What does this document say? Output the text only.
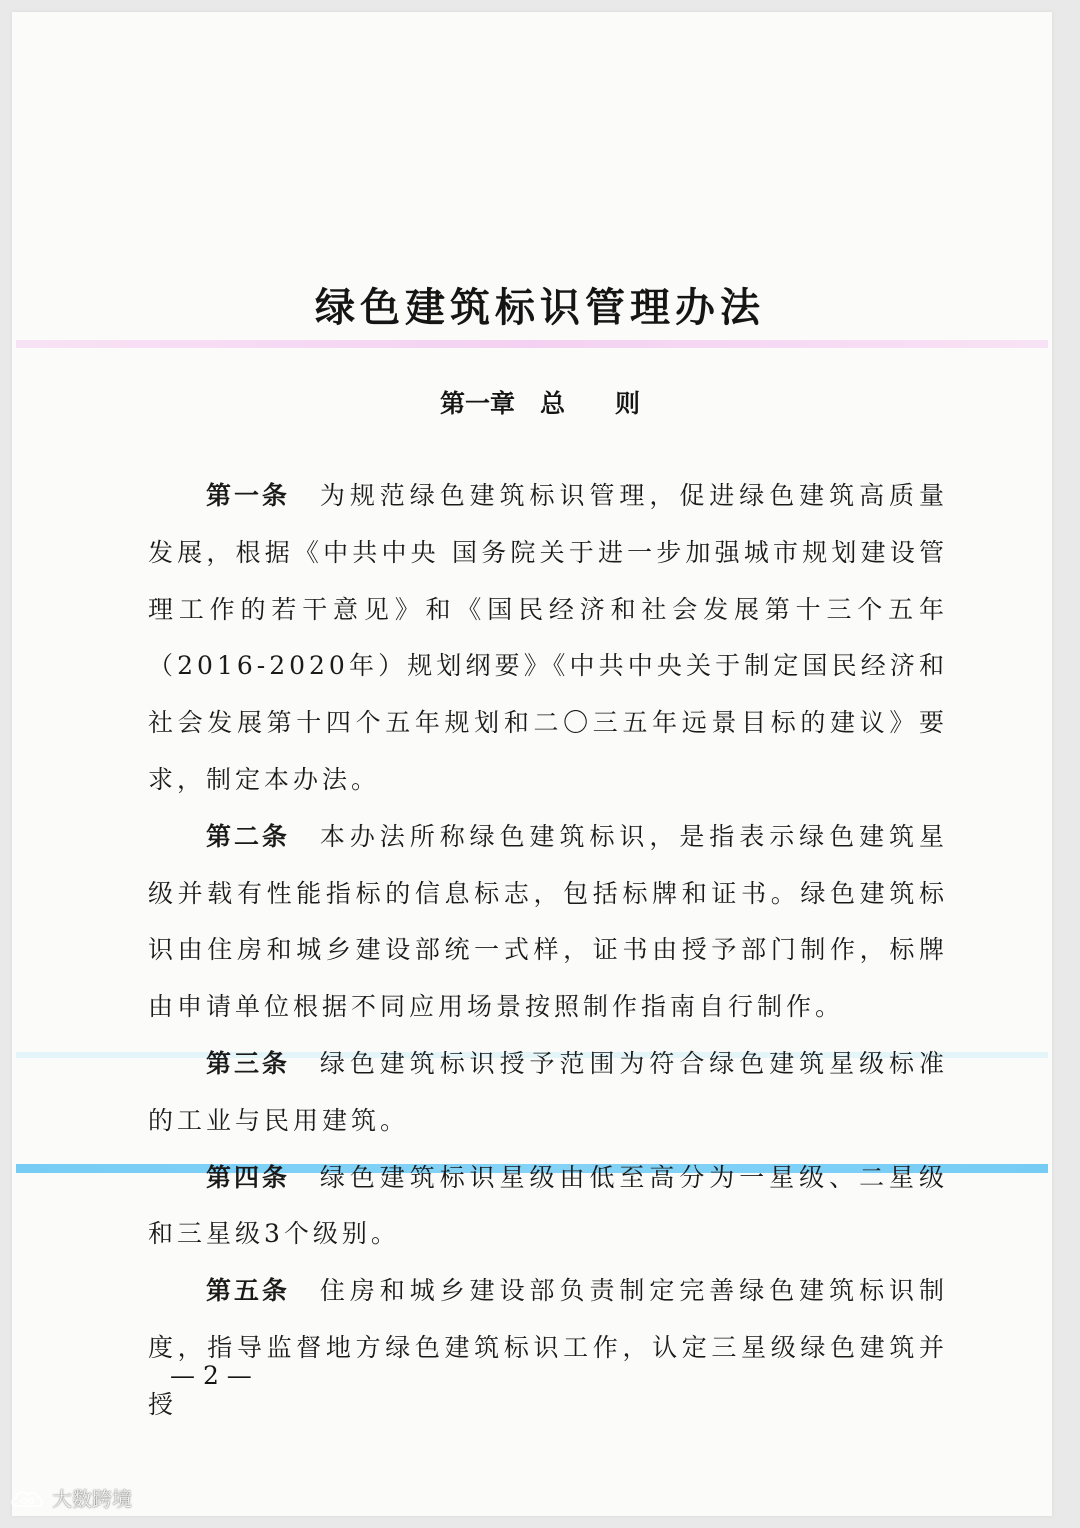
绿色建筑标识管理办法
第一章　总　　则

第一条 为规范绿色建筑标识管理，促进绿色建筑高质量发展，根据《中共中央 国务院关于进一步加强城市规划建设管理工作的若干意见》和《国民经济和社会发展第十三个五年（2016-2020年）规划纲要》《中共中央关于制定国民经济和社会发展第十四个五年规划和二〇三五年远景目标的建议》要求，制定本办法。

第二条 本办法所称绿色建筑标识，是指表示绿色建筑星级并载有性能指标的信息标志，包括标牌和证书。绿色建筑标识由住房和城乡建设部统一式样，证书由授予部门制作，标牌由申请单位根据不同应用场景按照制作指南自行制作。

第三条 绿色建筑标识授予范围为符合绿色建筑星级标准的工业与民用建筑。

第四条 绿色建筑标识星级由低至高分为一星级、二星级和三星级3个级别。

第五条 住房和城乡建设部负责制定完善绿色建筑标识制度，指导监督地方绿色建筑标识工作，认定三星级绿色建筑并授

— 2 —
大数跨境
